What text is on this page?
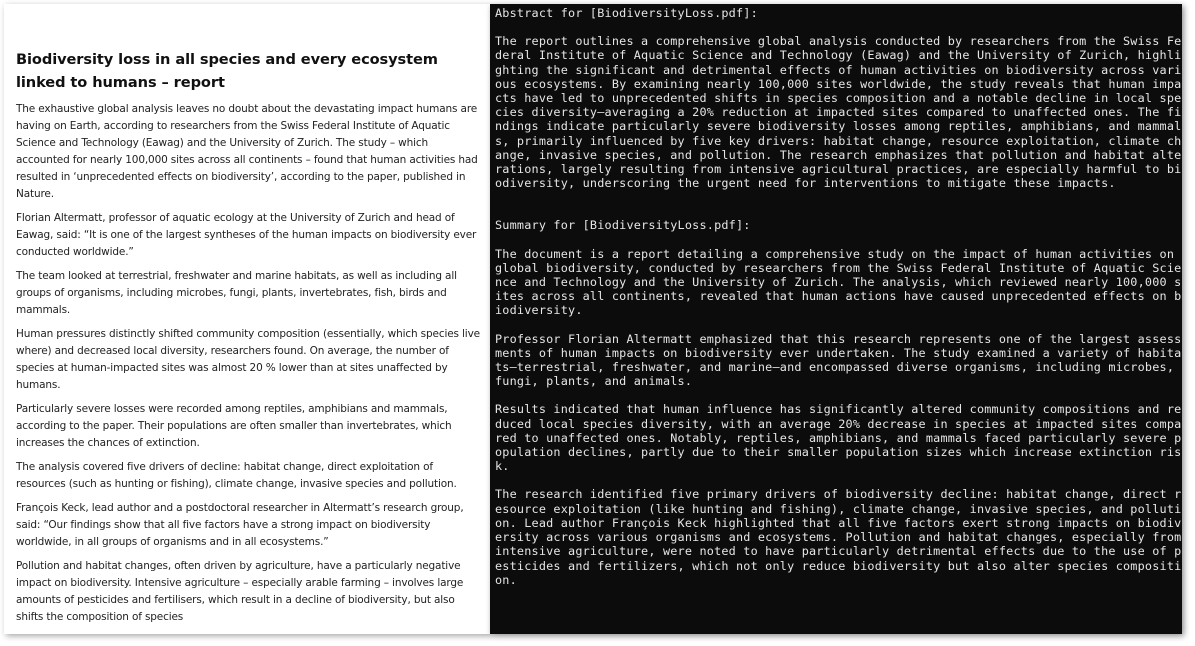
Biodiversity loss in all species and every ecosystem linked to humans – report

The exhaustive global analysis leaves no doubt about the devastating impact humans are having on Earth, according to researchers from the Swiss Federal Institute of Aquatic Science and Technology (Eawag) and the University of Zurich. The study – which accounted for nearly 100,000 sites across all continents – found that human activities had resulted in ‘unprecedented effects on biodiversity’, according to the paper, published in Nature.

Florian Altermatt, professor of aquatic ecology at the University of Zurich and head of Eawag, said: “It is one of the largest syntheses of the human impacts on biodiversity ever conducted worldwide.”

The team looked at terrestrial, freshwater and marine habitats, as well as including all groups of organisms, including microbes, fungi, plants, invertebrates, fish, birds and mammals.

Human pressures distinctly shifted community composition (essentially, which species live where) and decreased local diversity, researchers found. On average, the number of species at human-impacted sites was almost 20 % lower than at sites unaffected by humans.

Particularly severe losses were recorded among reptiles, amphibians and mammals, according to the paper. Their populations are often smaller than invertebrates, which increases the chances of extinction.

The analysis covered five drivers of decline: habitat change, direct exploitation of resources (such as hunting or fishing), climate change, invasive species and pollution.

François Keck, lead author and a postdoctoral researcher in Altermatt’s research group, said: “Our findings show that all five factors have a strong impact on biodiversity worldwide, in all groups of organisms and in all ecosystems.”

Pollution and habitat changes, often driven by agriculture, have a particularly negative impact on biodiversity. Intensive agriculture – especially arable farming – involves large amounts of pesticides and fertilisers, which result in a decline of biodiversity, but also shifts the composition of species

Abstract for [BiodiversityLoss.pdf]:
The report outlines a comprehensive global analysis conducted by researchers from the Swiss Federal Institute of Aquatic Science and Technology (Eawag) and the University of Zurich, highlighting the significant and detrimental effects of human activities on biodiversity across various ecosystems. By examining nearly 100,000 sites worldwide, the study reveals that human impacts have led to unprecedented shifts in species composition and a notable decline in local species diversity—averaging a 20% reduction at impacted sites compared to unaffected ones. The findings indicate particularly severe biodiversity losses among reptiles, amphibians, and mammals, primarily influenced by five key drivers: habitat change, resource exploitation, climate change, invasive species, and pollution. The research emphasizes that pollution and habitat alterations, largely resulting from intensive agricultural practices, are especially harmful to biodiversity, underscoring the urgent need for interventions to mitigate these impacts.
Summary for [BiodiversityLoss.pdf]:
The document is a report detailing a comprehensive study on the impact of human activities on global biodiversity, conducted by researchers from the Swiss Federal Institute of Aquatic Science and Technology and the University of Zurich. The analysis, which reviewed nearly 100,000 sites across all continents, revealed that human actions have caused unprecedented effects on biodiversity.
Professor Florian Altermatt emphasized that this research represents one of the largest assessments of human impacts on biodiversity ever undertaken. The study examined a variety of habitats—terrestrial, freshwater, and marine—and encompassed diverse organisms, including microbes, fungi, plants, and animals.
Results indicated that human influence has significantly altered community compositions and reduced local species diversity, with an average 20% decrease in species at impacted sites compared to unaffected ones. Notably, reptiles, amphibians, and mammals faced particularly severe population declines, partly due to their smaller population sizes which increase extinction risk.
The research identified five primary drivers of biodiversity decline: habitat change, direct resource exploitation (like hunting and fishing), climate change, invasive species, and pollution. Lead author François Keck highlighted that all five factors exert strong impacts on biodiversity across various organisms and ecosystems. Pollution and habitat changes, especially from intensive agriculture, were noted to have particularly detrimental effects due to the use of pesticides and fertilizers, which not only reduce biodiversity but also alter species composition.
